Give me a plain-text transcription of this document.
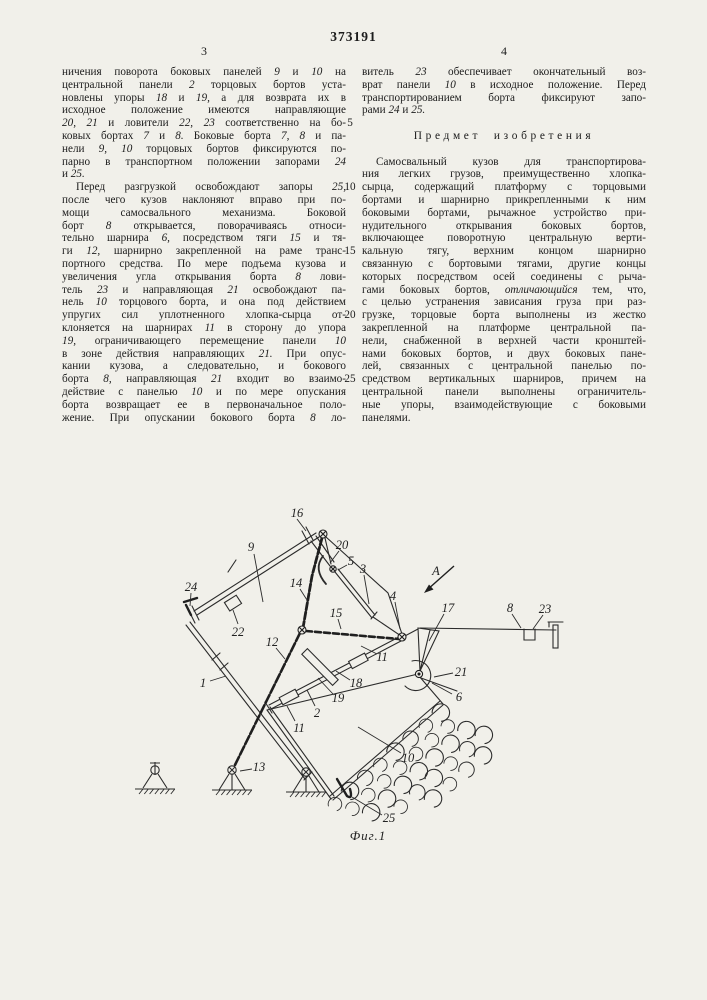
373191
3	4
ничения поворота боковых панелей 9 и 10 на
центральной панели 2 торцовых бортов уста-
новлены упоры 18 и 19, а для возврата их в
исходное положение имеются направляющие
20, 21 и ловители 22, 23 соответственно на бо-
ковых бортах 7 и 8. Боковые борта 7, 8 и па-
нели 9, 10 торцовых бортов фиксируются по-
парно в транспортном положении запорами 24
и 25.
Перед разгрузкой освобождают запоры 25,
после чего кузов наклоняют вправо при по-
мощи самосвального механизма. Боковой
борт 8 открывается, поворачиваясь относи-
тельно шарнира 6, посредством тяги 15 и тя-
ги 12, шарнирно закрепленной на раме транс-
портного средства. По мере подъема кузова и
увеличения угла открывания борта 8 лови-
тель 23 и направляющая 21 освобождают па-
нель 10 торцового борта, и она под действием
упругих сил уплотненного хлопка-сырца от-
клоняется на шарнирах 11 в сторону до упора
19, ограничивающего перемещение панели 10
в зоне действия направляющих 21. При опус-
кании кузова, а следовательно, и бокового
борта 8, направляющая 21 входит во взаимо-
действие с панелью 10 и по мере опускания
борта возвращает ее в первоначальное поло-
жение. При опускании бокового борта 8 ло-
витель 23 обеспечивает окончательный воз-
врат панели 10 в исходное положение. Перед
транспортированием борта фиксируют запо-
рами 24 и 25.
Предмет изобретения
Самосвальный кузов для транспортирова-
ния легких грузов, преимущественно хлопка-
сырца, содержащий платформу с торцовыми
бортами и шарнирно прикрепленными к ним
боковыми бортами, рычажное устройство при-
нудительного открывания боковых бортов,
включающее поворотную центральную верти-
кальную тягу, верхним концом шарнирно
связанную с бортовыми тягами, другие концы
которых посредством осей соединены с рыча-
гами боковых бортов, отличающийся тем, что,
с целью устранения зависания груза при раз-
грузке, торцовые борта выполнены из жестко
закрепленной на платформе центральной па-
нели, снабженной в верхней части кронштей-
нами боковых бортов, и двух боковых пане-
лей, связанных с центральной панелью по-
средством вертикальных шарниров, причем на
центральной панели выполнены ограничитель-
ные упоры, взаимодействующие с боковыми
панелями.
5
10
15
20
25
16
9
24
22
1
14
20
5
3
4
15
12
17	8 23
11
18
19
2
11
21
6
13
10
25
A
Фиг.1
